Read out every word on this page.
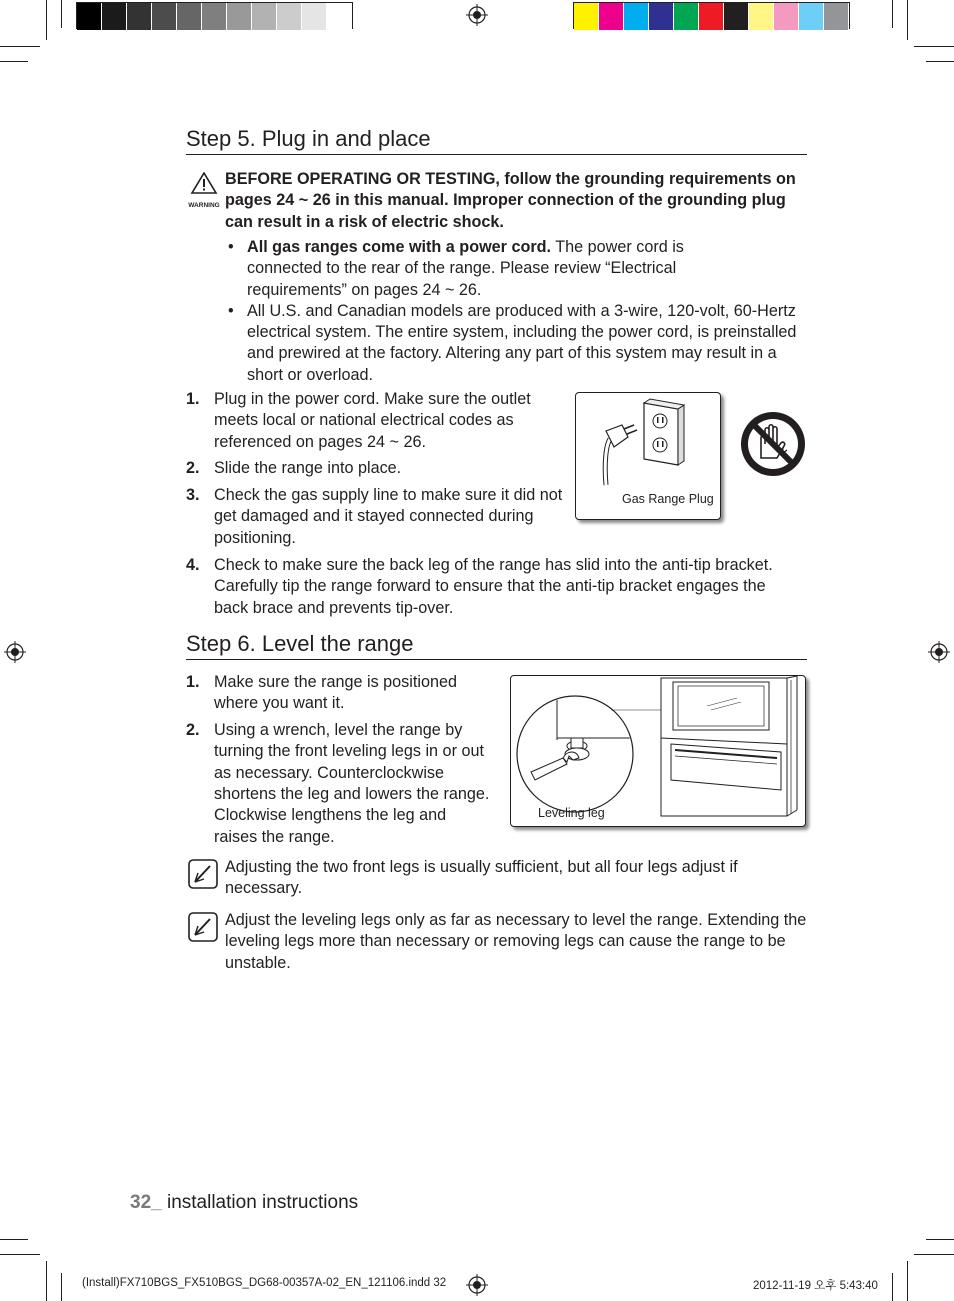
Step 5. Plug in and place
WARNING
BEFORE OPERATING OR TESTING, follow the grounding requirements on pages 24 ~ 26 in this manual. Improper connection of the grounding plug can result in a risk of electric shock.
• All gas ranges come with a power cord. The power cord is connected to the rear of the range. Please review “Electrical requirements” on pages 24 ~ 26.
• All U.S. and Canadian models are produced with a 3-wire, 120-volt, 60-Hertz electrical system. The entire system, including the power cord, is preinstalled and prewired at the factory. Altering any part of this system may result in a short or overload.
1. Plug in the power cord. Make sure the outlet meets local or national electrical codes as referenced on pages 24 ~ 26.
2. Slide the range into place.
3. Check the gas supply line to make sure it did not get damaged and it stayed connected during positioning.
4. Check to make sure the back leg of the range has slid into the anti-tip bracket. Carefully tip the range forward to ensure that the anti-tip bracket engages the back brace and prevents tip-over.
Gas Range Plug
Step 6. Level the range
1. Make sure the range is positioned where you want it.
2. Using a wrench, level the range by turning the front leveling legs in or out as necessary. Counterclockwise shortens the leg and lowers the range. Clockwise lengthens the leg and raises the range.
Leveling leg
Adjusting the two front legs is usually sufficient, but all four legs adjust if necessary.
Adjust the leveling legs only as far as necessary to level the range. Extending the leveling legs more than necessary or removing legs can cause the range to be unstable.
32_ installation instructions
(Install)FX710BGS_FX510BGS_DG68-00357A-02_EN_121106.indd 32	2012-11-19 오후 5:43:40
